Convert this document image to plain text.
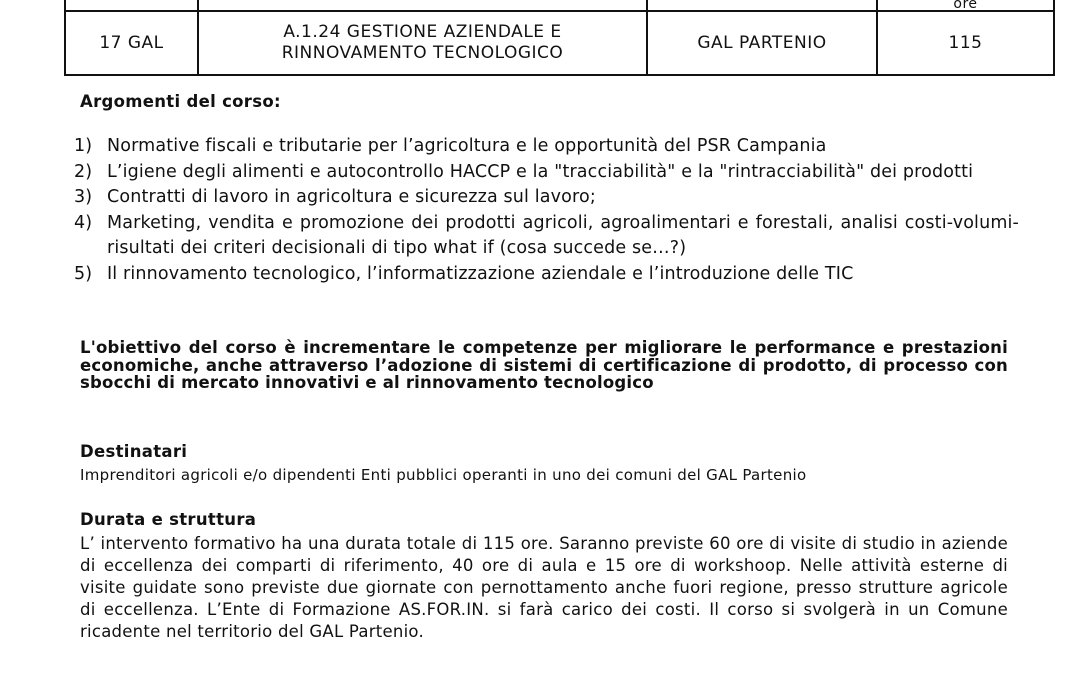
			ore

17 GAL	A.1.24 GESTIONE AZIENDALE E
RINNOVAMENTO TECNOLOGICO	GAL PARTENIO	115
Argomenti del corso:
1) Normative fiscali e tributarie per l’agricoltura e le opportunità del PSR Campania
2) L’igiene degli alimenti e autocontrollo HACCP e la "tracciabilità" e la "rintracciabilità" dei prodotti
3) Contratti di lavoro in agricoltura e sicurezza sul lavoro;
4) Marketing, vendita e promozione dei prodotti agricoli, agroalimentari e forestali, analisi costi-volumi-risultati dei criteri decisionali di tipo what if (cosa succede se…?)
5) Il rinnovamento tecnologico, l’informatizzazione aziendale e l’introduzione delle TIC

L'obiettivo del corso è incrementare le competenze per migliorare le performance e prestazioni economiche, anche attraverso l’adozione di sistemi di certificazione di prodotto, di processo con sbocchi di mercato innovativi e al rinnovamento tecnologico

Destinatari

Imprenditori agricoli e/o dipendenti Enti pubblici operanti in uno dei comuni del GAL Partenio

Durata e struttura

L’ intervento formativo ha una durata totale di 115 ore. Saranno previste 60 ore di visite di studio in aziende di eccellenza dei comparti di riferimento, 40 ore di aula e 15 ore di workshoop. Nelle attività esterne di visite guidate sono previste due giornate con pernottamento anche fuori regione, presso strutture agricole di eccellenza. L’Ente di Formazione AS.FOR.IN. si farà carico dei costi. Il corso si svolgerà in un Comune ricadente nel territorio del GAL Partenio.
